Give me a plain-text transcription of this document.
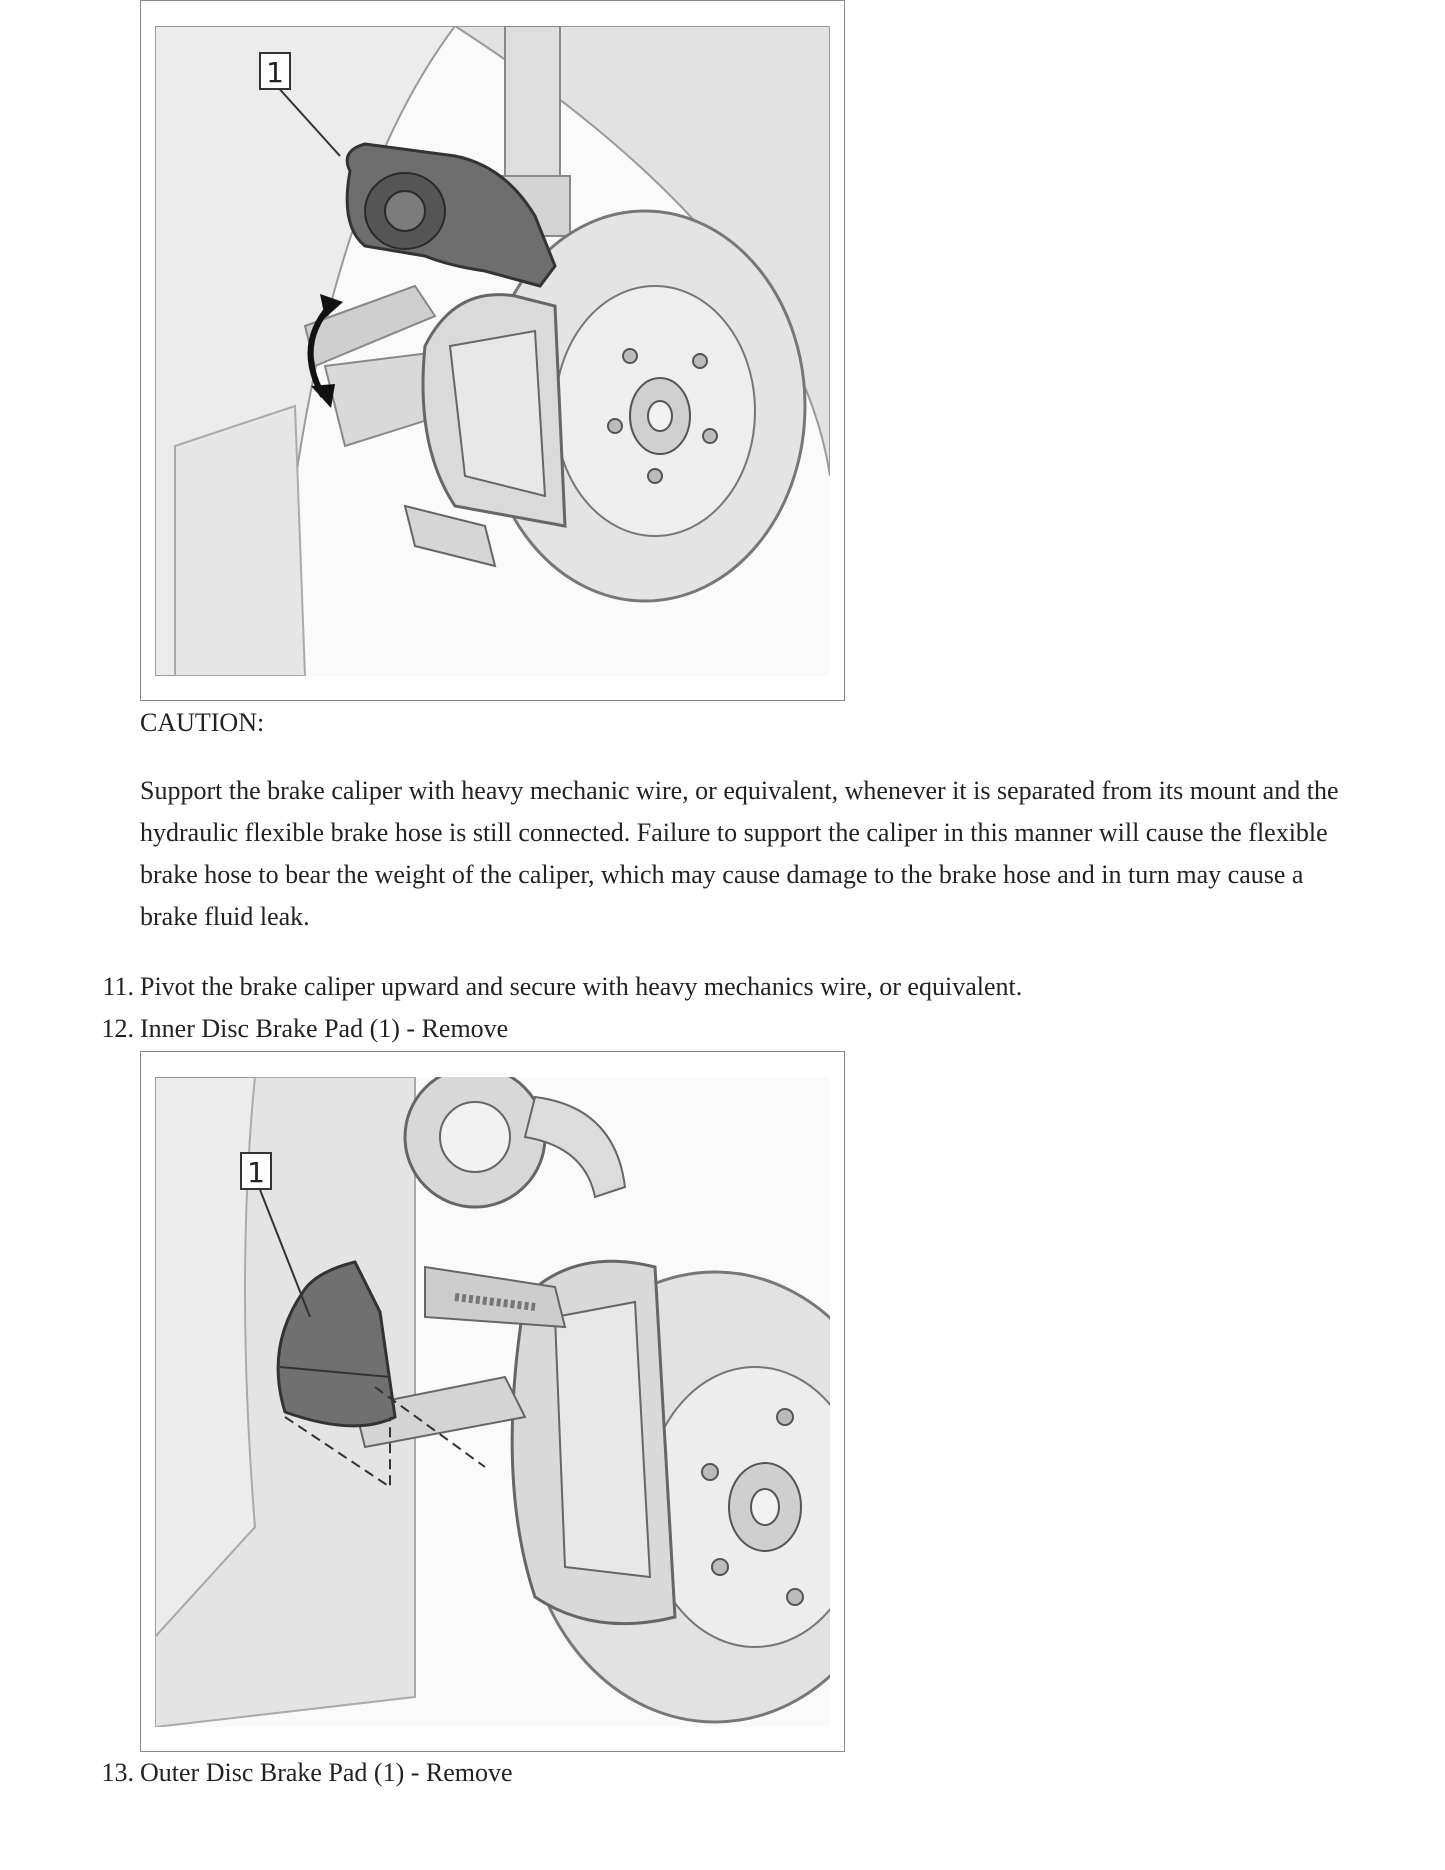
1
CAUTION:
Support the brake caliper with heavy mechanic wire, or equivalent, whenever it is separated from its mount and the hydraulic flexible brake hose is still connected. Failure to support the caliper in this manner will cause the flexible brake hose to bear the weight of the caliper, which may cause damage to the brake hose and in turn may cause a brake fluid leak.
11 . Pivot the brake caliper upward and secure with heavy mechanics wire, or equivalent.
12 . Inner Disc Brake Pad (1) - Remove
1
13 . Outer Disc Brake Pad (1) - Remove
